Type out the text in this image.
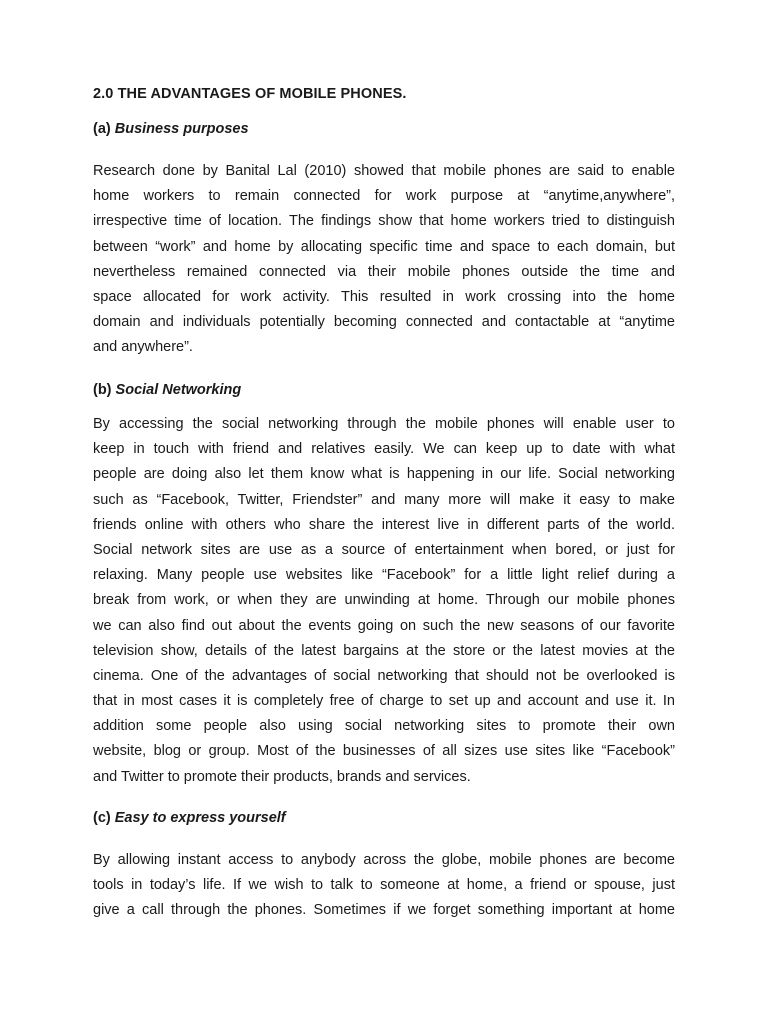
2.0 THE ADVANTAGES OF MOBILE PHONES.
(a) Business purposes
Research done by Banital Lal (2010) showed that mobile phones are said to enable
home workers to remain connected for work purpose at “anytime,anywhere”,
irrespective time of location. The findings show that home workers tried to distinguish
between “work” and home by allocating specific time and space to each domain, but
nevertheless remained connected via their mobile phones outside the time and
space allocated for work activity. This resulted in work crossing into the home
domain and individuals potentially becoming connected and contactable at “anytime
and anywhere”.
(b) Social Networking
By accessing the social networking through the mobile phones will enable user to
keep in touch with friend and relatives easily. We can keep up to date with what
people are doing also let them know what is happening in our life. Social networking
such as “Facebook, Twitter, Friendster” and many more will make it easy to make
friends online with others who share the interest live in different parts of the world.
Social network sites are use as a source of entertainment when bored, or just for
relaxing. Many people use websites like “Facebook” for a little light relief during a
break from work, or when they are unwinding at home. Through our mobile phones
we can also find out about the events going on such the new seasons of our favorite
television show, details of the latest bargains at the store or the latest movies at the
cinema. One of the advantages of social networking that should not be overlooked is
that in most cases it is completely free of charge to set up and account and use it. In
addition some people also using social networking sites to promote their own
website, blog or group. Most of the businesses of all sizes use sites like “Facebook”
and Twitter to promote their products, brands and services.
(c) Easy to express yourself
By allowing instant access to anybody across the globe, mobile phones are become
tools in today’s life. If we wish to talk to someone at home, a friend or spouse, just
give a call through the phones. Sometimes if we forget something important at home
